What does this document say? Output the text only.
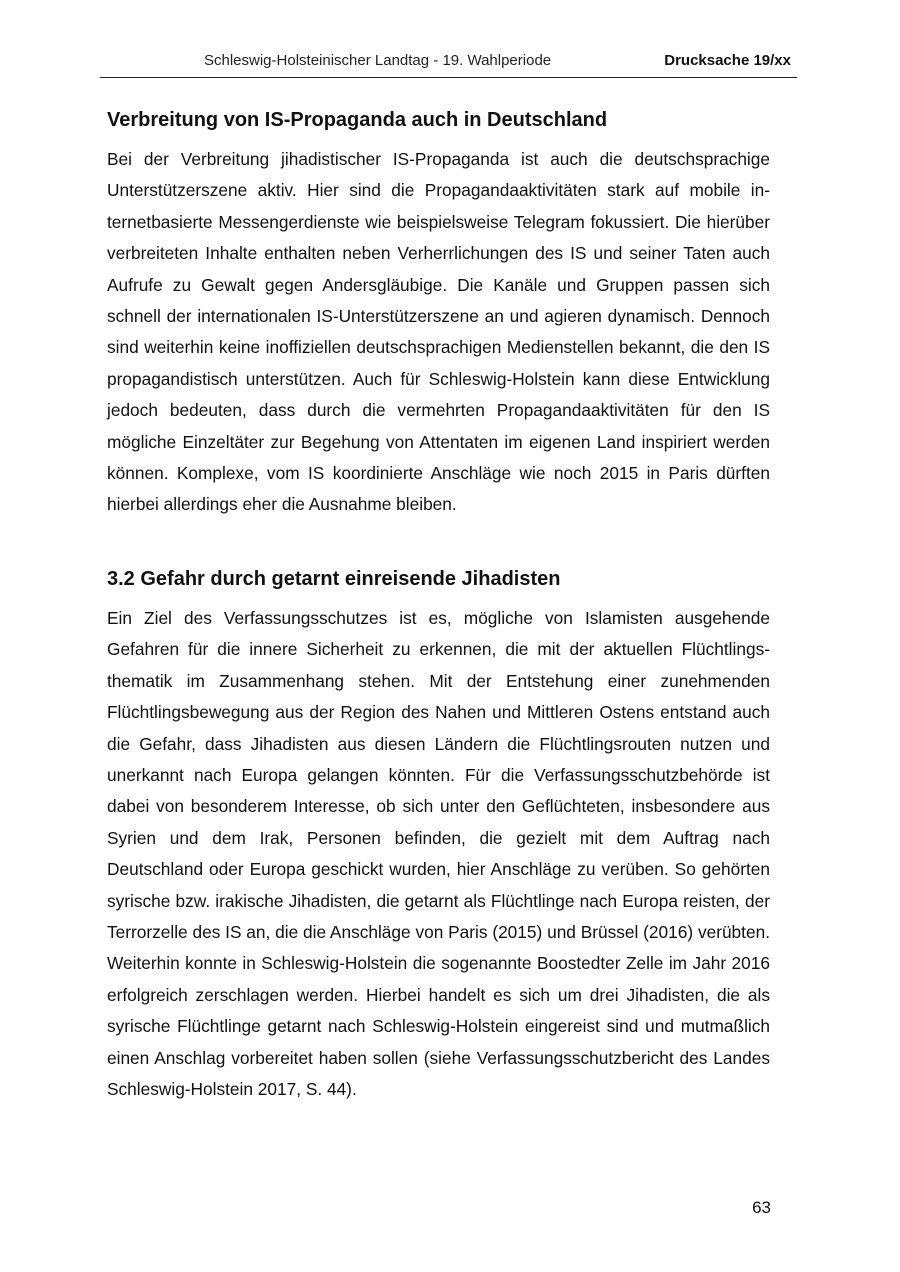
Schleswig-Holsteinischer Landtag - 19. Wahlperiode	Drucksache 19/xx
Verbreitung von IS-Propaganda auch in Deutschland

Bei der Verbreitung jihadistischer IS-Propaganda ist auch die deutschsprachige Unterstützerszene aktiv. Hier sind die Propagandaaktivitäten stark auf mobile internetbasierte Messengerdienste wie beispielsweise Telegram fokussiert. Die hierüber verbreiteten Inhalte enthalten neben Verherrlichungen des IS und seiner Taten auch Aufrufe zu Gewalt gegen Andersgläubige. Die Kanäle und Gruppen passen sich schnell der internationalen IS-Unterstützerszene an und agieren dynamisch. Dennoch sind weiterhin keine inoffiziellen deutschsprachigen Medienstellen bekannt, die den IS propagandistisch unterstützen. Auch für Schleswig-Holstein kann diese Entwicklung jedoch bedeuten, dass durch die vermehrten Propagandaaktivitäten für den IS mögliche Einzeltäter zur Begehung von Attentaten im eigenen Land inspiriert werden können. Komplexe, vom IS koordinierte Anschläge wie noch 2015 in Paris dürften hierbei allerdings eher die Ausnahme bleiben.

3.2 Gefahr durch getarnt einreisende Jihadisten

Ein Ziel des Verfassungsschutzes ist es, mögliche von Islamisten ausgehende Gefahren für die innere Sicherheit zu erkennen, die mit der aktuellen Flüchtlingsthematik im Zusammenhang stehen. Mit der Entstehung einer zunehmenden Flüchtlingsbewegung aus der Region des Nahen und Mittleren Ostens entstand auch die Gefahr, dass Jihadisten aus diesen Ländern die Flüchtlingsrouten nutzen und unerkannt nach Europa gelangen könnten. Für die Verfassungsschutzbehörde ist dabei von besonderem Interesse, ob sich unter den Geflüchteten, insbesondere aus Syrien und dem Irak, Personen befinden, die gezielt mit dem Auftrag nach Deutschland oder Europa geschickt wurden, hier Anschläge zu verüben. So gehörten syrische bzw. irakische Jihadisten, die getarnt als Flüchtlinge nach Europa reisten, der Terrorzelle des IS an, die die Anschläge von Paris (2015) und Brüssel (2016) verübten. Weiterhin konnte in Schleswig-Holstein die sogenannte Boostedter Zelle im Jahr 2016 erfolgreich zerschlagen werden. Hierbei handelt es sich um drei Jihadisten, die als syrische Flüchtlinge getarnt nach Schleswig-Holstein eingereist sind und mutmaßlich einen Anschlag vorbereitet haben sollen (siehe Verfassungsschutzbericht des Landes Schleswig-Holstein 2017, S. 44).

63
